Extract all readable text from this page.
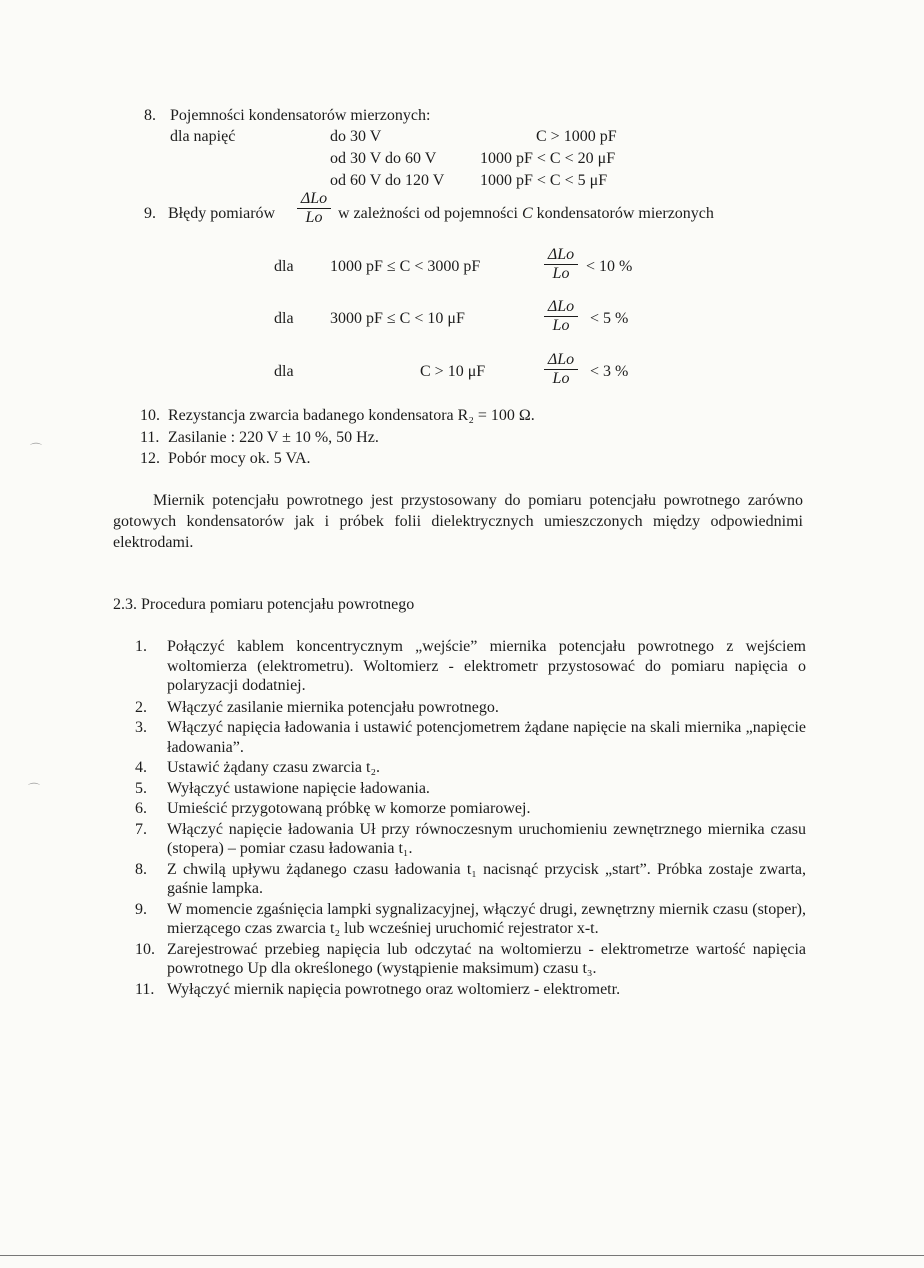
8. Pojemności kondensatorów mierzonych:
dla napięć	do 30 V	C > 1000 pF
od 30 V do 60 V	1000 pF < C < 20 μF
od 60 V do 120 V 1000 pF < C < 5 μF
9. Błędy pomiarów
ΔLo
Lo w zależności od pojemności C kondensatorów mierzonych
dla 1000 pF ≤ C < 3000 pF
ΔLo
Lo	< 10 %
dla 3000 pF ≤ C < 10 μF
ΔLo
Lo	< 5 %
dla	C > 10 μF
ΔLo
Lo	< 3 %
10. Rezystancja zwarcia badanego kondensatora R₂ = 100 Ω.
11. Zasilanie : 220 V ± 10 %, 50 Hz.
12. Pobór mocy ok. 5 VA.
Miernik potencjału powrotnego jest przystosowany do pomiaru potencjału powrotnego zarówno gotowych kondensatorów jak i próbek folii dielektrycznych umieszczonych między odpowiednimi elektrodami.
2.3. Procedura pomiaru potencjału powrotnego
1.	Połączyć kablem koncentrycznym „wejście” miernika potencjału powrotnego z wejściem woltomierza (elektrometru). Woltomierz - elektrometr przystosować do pomiaru napięcia o polaryzacji dodatniej.
2.	Włączyć zasilanie miernika potencjału powrotnego.
3.	Włączyć napięcia ładowania i ustawić potencjometrem żądane napięcie na skali miernika „napięcie ładowania”.
4.	Ustawić żądany czasu zwarcia t₂.
5.	Wyłączyć ustawione napięcie ładowania.
6.	Umieścić przygotowaną próbkę w komorze pomiarowej.
7.	Włączyć napięcie ładowania Uł przy równoczesnym uruchomieniu zewnętrznego miernika czasu (stopera) – pomiar czasu ładowania t₁.
8.	Z chwilą upływu żądanego czasu ładowania t₁ nacisnąć przycisk „start”. Próbka zostaje zwarta, gaśnie lampka.
9.	W momencie zgaśnięcia lampki sygnalizacyjnej, włączyć drugi, zewnętrzny miernik czasu (stoper), mierzącego czas zwarcia t₂ lub wcześniej uruchomić rejestrator x-t.
10. Zarejestrować przebieg napięcia lub odczytać na woltomierzu - elektrometrze wartość napięcia powrotnego Up dla określonego (wystąpienie maksimum) czasu t₃.
11. Wyłączyć miernik napięcia powrotnego oraz woltomierz - elektrometr.
⌒
⌒
